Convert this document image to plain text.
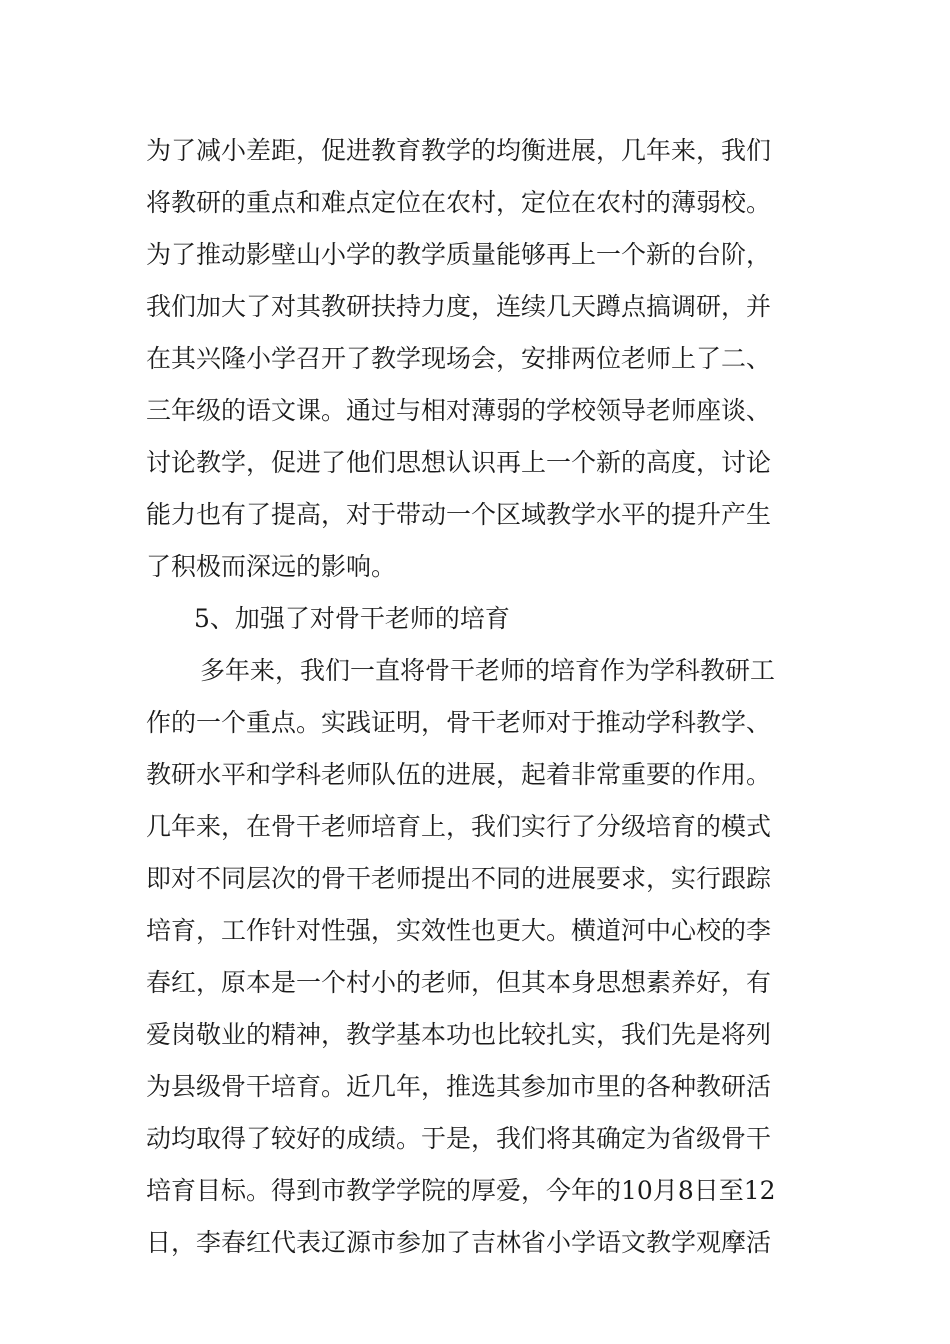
为了减小差距，促进教育教学的均衡进展，几年来，我们
将教研的重点和难点定位在农村，定位在农村的薄弱校。
为了推动影壁山小学的教学质量能够再上一个新的台阶，
我们加大了对其教研扶持力度，连续几天蹲点搞调研，并
在其兴隆小学召开了教学现场会，安排两位老师上了二、
三年级的语文课。通过与相对薄弱的学校领导老师座谈、
讨论教学，促进了他们思想认识再上一个新的高度，讨论
能力也有了提高，对于带动一个区域教学水平的提升产生
了积极而深远的影响。
5、加强了对骨干老师的培育
多年来，我们一直将骨干老师的培育作为学科教研工
作的一个重点。实践证明，骨干老师对于推动学科教学、
教研水平和学科老师队伍的进展，起着非常重要的作用。
几年来，在骨干老师培育上，我们实行了分级培育的模式
即对不同层次的骨干老师提出不同的进展要求，实行跟踪
培育，工作针对性强，实效性也更大。横道河中心校的李
春红，原本是一个村小的老师，但其本身思想素养好，有
爱岗敬业的精神，教学基本功也比较扎实，我们先是将列
为县级骨干培育。近几年，推选其参加市里的各种教研活
动均取得了较好的成绩。于是，我们将其确定为省级骨干
培育目标。得到市教学学院的厚爱，今年的10月8日至12
日，李春红代表辽源市参加了吉林省小学语文教学观摩活
